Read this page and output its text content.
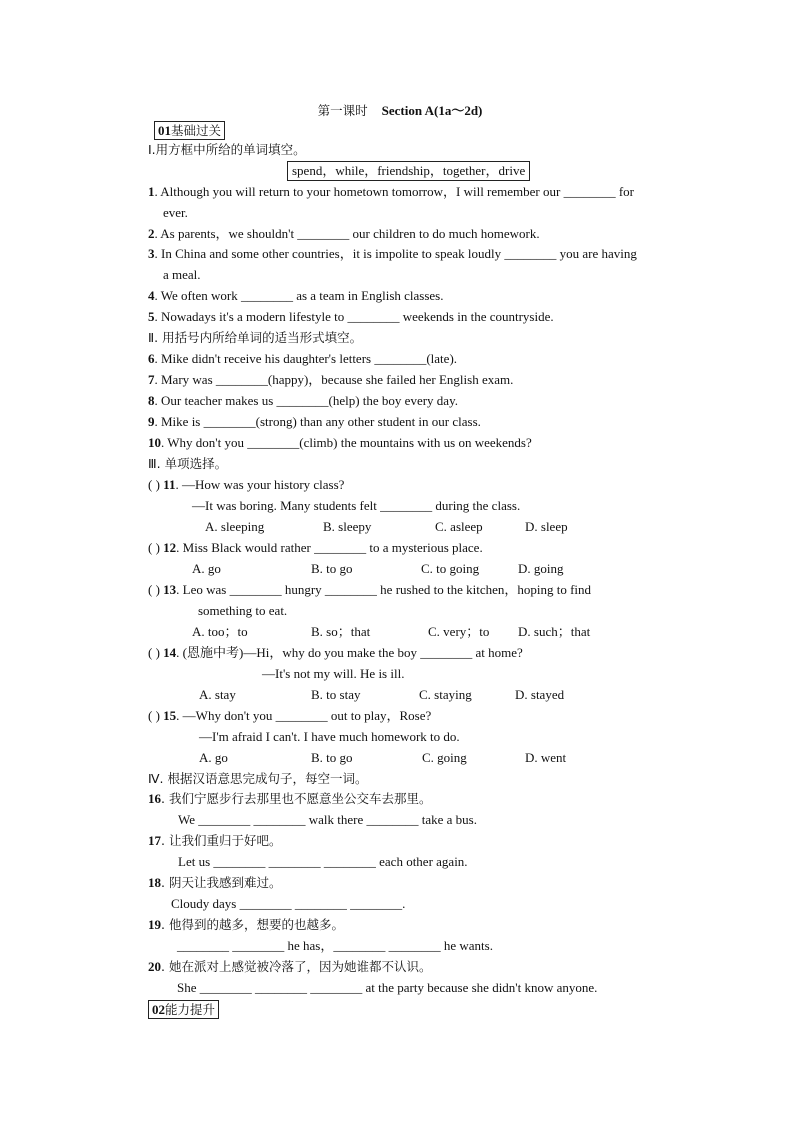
第一课时 Section A(1a～2d)
01基础过关
Ⅰ.用方框中所给的单词填空。
spend，while，friendship，together，drive
1. Although you will return to your hometown tomorrow，I will remember our ________ for
ever.
2. As parents，we shouldn't ________ our children to do much homework.
3. In China and some other countries，it is impolite to speak loudly ________ you are having
a meal.
4. We often work ________ as a team in English classes.
5. Nowadays it's a modern lifestyle to ________ weekends in the countryside.
Ⅱ. 用括号内所给单词的适当形式填空。
6. Mike didn't receive his daughter's letters ________(late).
7. Mary was ________(happy)，because she failed her English exam.
8. Our teacher makes us ________(help) the boy every day.
9. Mike is ________(strong) than any other student in our class.
10. Why don't you ________(climb) the mountains with us on weekends?
Ⅲ. 单项选择。
( ) 11. —How was your history class?
—It was boring. Many students felt ________ during the class.
A. sleeping	B. sleepy	C. asleep	D. sleep
( ) 12. Miss Black would rather ________ to a mysterious place.
A. go	B. to go	C. to going	D. going
( ) 13. Leo was ________ hungry ________ he rushed to the kitchen，hoping to find
something to eat.
A. too；to	B. so；that	C. very；to D. such；that
( ) 14. (恩施中考)—Hi，why do you make the boy ________ at home?
—It's not my will. He is ill.
A. stay	B. to stay	C. staying	D. stayed
( ) 15. —Why don't you ________ out to play，Rose?
—I'm afraid I can't. I have much homework to do.
A. go	B. to go	C. going	D. went
Ⅳ. 根据汉语意思完成句子，每空一词。
16. 我们宁愿步行去那里也不愿意坐公交车去那里。
We ________ ________ walk there ________ take a bus.
17. 让我们重归于好吧。
Let us ________ ________ ________ each other again.
18. 阴天让我感到难过。
Cloudy days ________ ________ ________.
19. 他得到的越多，想要的也越多。
________ ________ he has，________ ________ he wants.
20. 她在派对上感觉被冷落了，因为她谁都不认识。
She ________ ________ ________ at the party because she didn't know anyone.
02能力提升
